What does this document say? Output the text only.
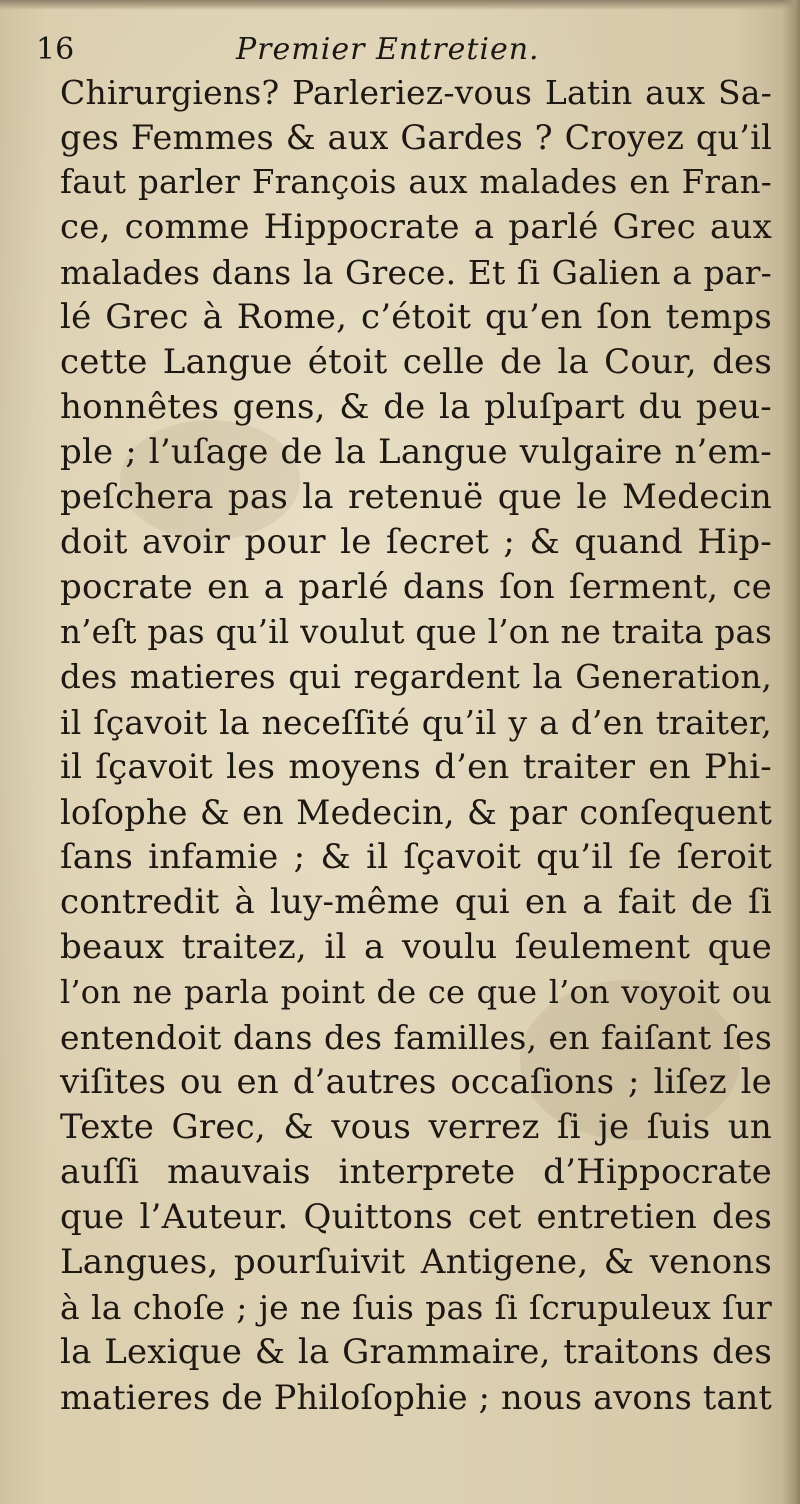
16	Premier Entretien.
Chirurgiens? Parleriez-vous Latin aux Sa-
ges Femmes & aux Gardes ? Croyez qu’il
faut parler François aux malades en Fran-
ce, comme Hippocrate a parlé Grec aux
malades dans la Grece. Et ſi Galien a par-
lé Grec à Rome, c’étoit qu’en ſon temps
cette Langue étoit celle de la Cour, des
honnêtes gens, & de la pluſpart du peu-
ple ; l’uſage de la Langue vulgaire n’em-
peſchera pas la retenuë que le Medecin
doit avoir pour le ſecret ; & quand Hip-
pocrate en a parlé dans ſon ſerment, ce
n’eſt pas qu’il voulut que l’on ne traita pas
des matieres qui regardent la Generation,
il ſçavoit la neceſſité qu’il y a d’en traiter,
il ſçavoit les moyens d’en traiter en Phi-
loſophe & en Medecin, & par conſequent
ſans infamie ; & il ſçavoit qu’il ſe ſeroit
contredit à luy-même qui en a fait de ſi
beaux traitez, il a voulu ſeulement que
l’on ne parla point de ce que l’on voyoit ou
entendoit dans des familles, en faiſant ſes
viſites ou en d’autres occaſions ; liſez le
Texte Grec, & vous verrez ſi je ſuis un
auſſi mauvais interprete d’Hippocrate
que l’Auteur. Quittons cet entretien des
Langues, pourſuivit Antigene, & venons
à la choſe ; je ne ſuis pas ſi ſcrupuleux ſur
la Lexique & la Grammaire, traitons des
matieres de Philoſophie ; nous avons tant
